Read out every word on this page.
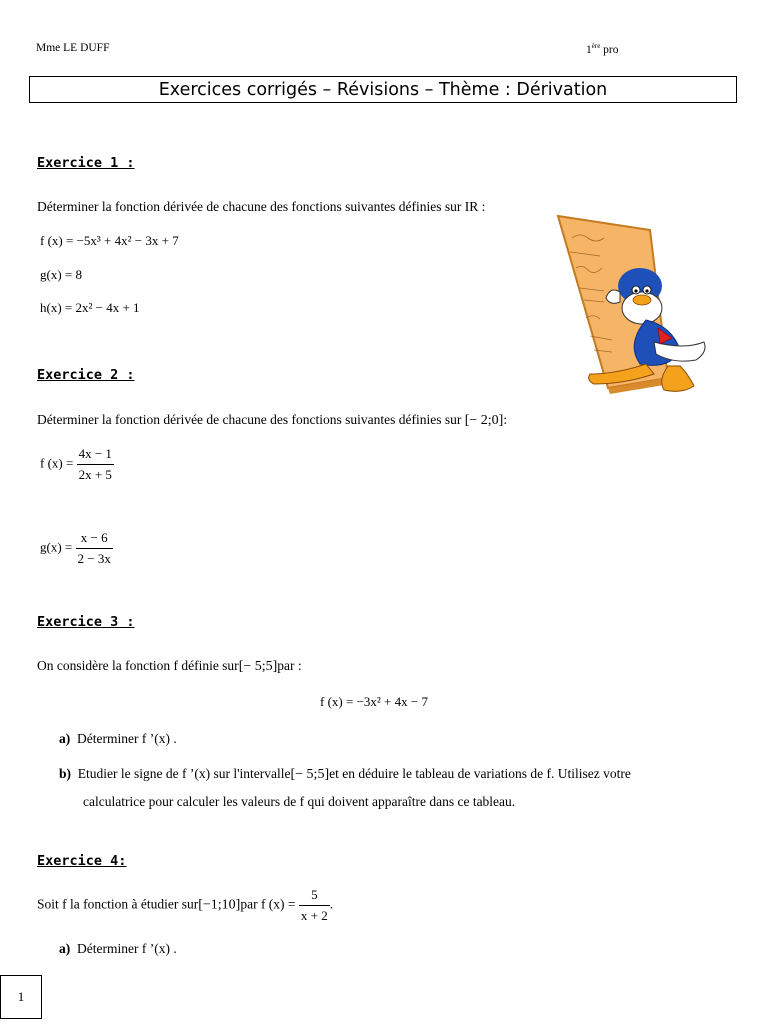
Mme LE DUFF	1ère pro
Exercices corrigés – Révisions – Thème : Dérivation
Exercice 1 :
Déterminer la fonction dérivée de chacune des fonctions suivantes définies sur IR :
f (x) = −5x³ + 4x² − 3x + 7
g(x) = 8
h(x) = 2x² − 4x + 1
Exercice 2 :
Déterminer la fonction dérivée de chacune des fonctions suivantes définies sur [− 2;0]:
f $(x) = \frac{4x - 1}{2x + 5}$
$g(x) = \frac{x - 6}{2 - 3x}$
Exercice 3 :
On considère la fonction f définie sur[− 5;5]par :
f (x) = −3x² + 4x − 7
a) Déterminer f ’(x) .
b) Etudier le signe de f ’(x) sur l'intervalle[− 5;5]et en déduire le tableau de variations de f. Utilisez votre
calculatrice pour calculer les valeurs de f qui doivent apparaître dans ce tableau.
Exercice 4:
Soit f la fonction à étudier sur[−1;10]par f $(x) = \frac{5}{x + 2}$ .
a) Déterminer f ’(x) .
1
